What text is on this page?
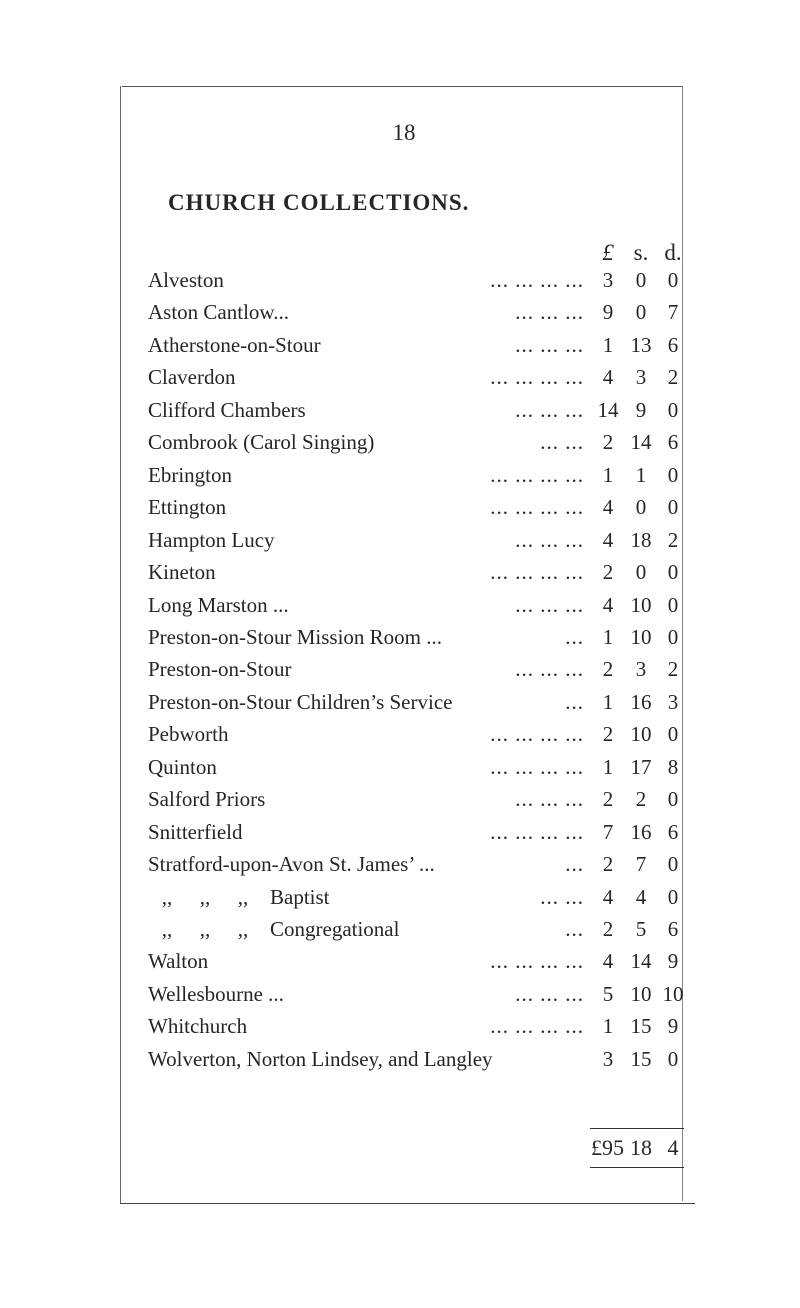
18
CHURCH COLLECTIONS.
£ s. d.
Alveston	... ... ... ... 3	0	0
Aston Cantlow...	... ... ... 9	0	7
Atherstone-on-Stour	... ... ... 1 13 6
Claverdon	... ... ... ... 4	3	2
Clifford Chambers	... ... ... 14 9	0
Combrook (Carol Singing)	... ... 2 14 6
Ebrington	... ... ... ... 1	1	0
Ettington	... ... ... ... 4	0	0
Hampton Lucy	... ... ... 4 18 2
Kineton	... ... ... ... 2	0	0
Long Marston ...	... ... ... 4 10 0
Preston-on-Stour Mission Room ...	... 1 10 0
Preston-on-Stour	... ... ... 2	3	2
Preston-on-Stour Children’s Service	... 1 16 3
Pebworth	... ... ... ... 2 10 0
Quinton	... ... ... ... 1 17 8
Salford Priors	... ... ... 2	2	0
Snitterfield	... ... ... ... 7 16 6
Stratford-upon-Avon St. James’ ...	... 2	7	0
,, ,, ,, Baptist	... ... 4	4	0
,, ,, ,, Congregational	... 2	5	6
Walton	... ... ... ... 4 14 9
Wellesbourne ...	... ... ... 5 10 10
Whitchurch	... ... ... ... 1 15 9
Wolverton, Norton Lindsey, and Langley	3 15 0
£95 18 4
